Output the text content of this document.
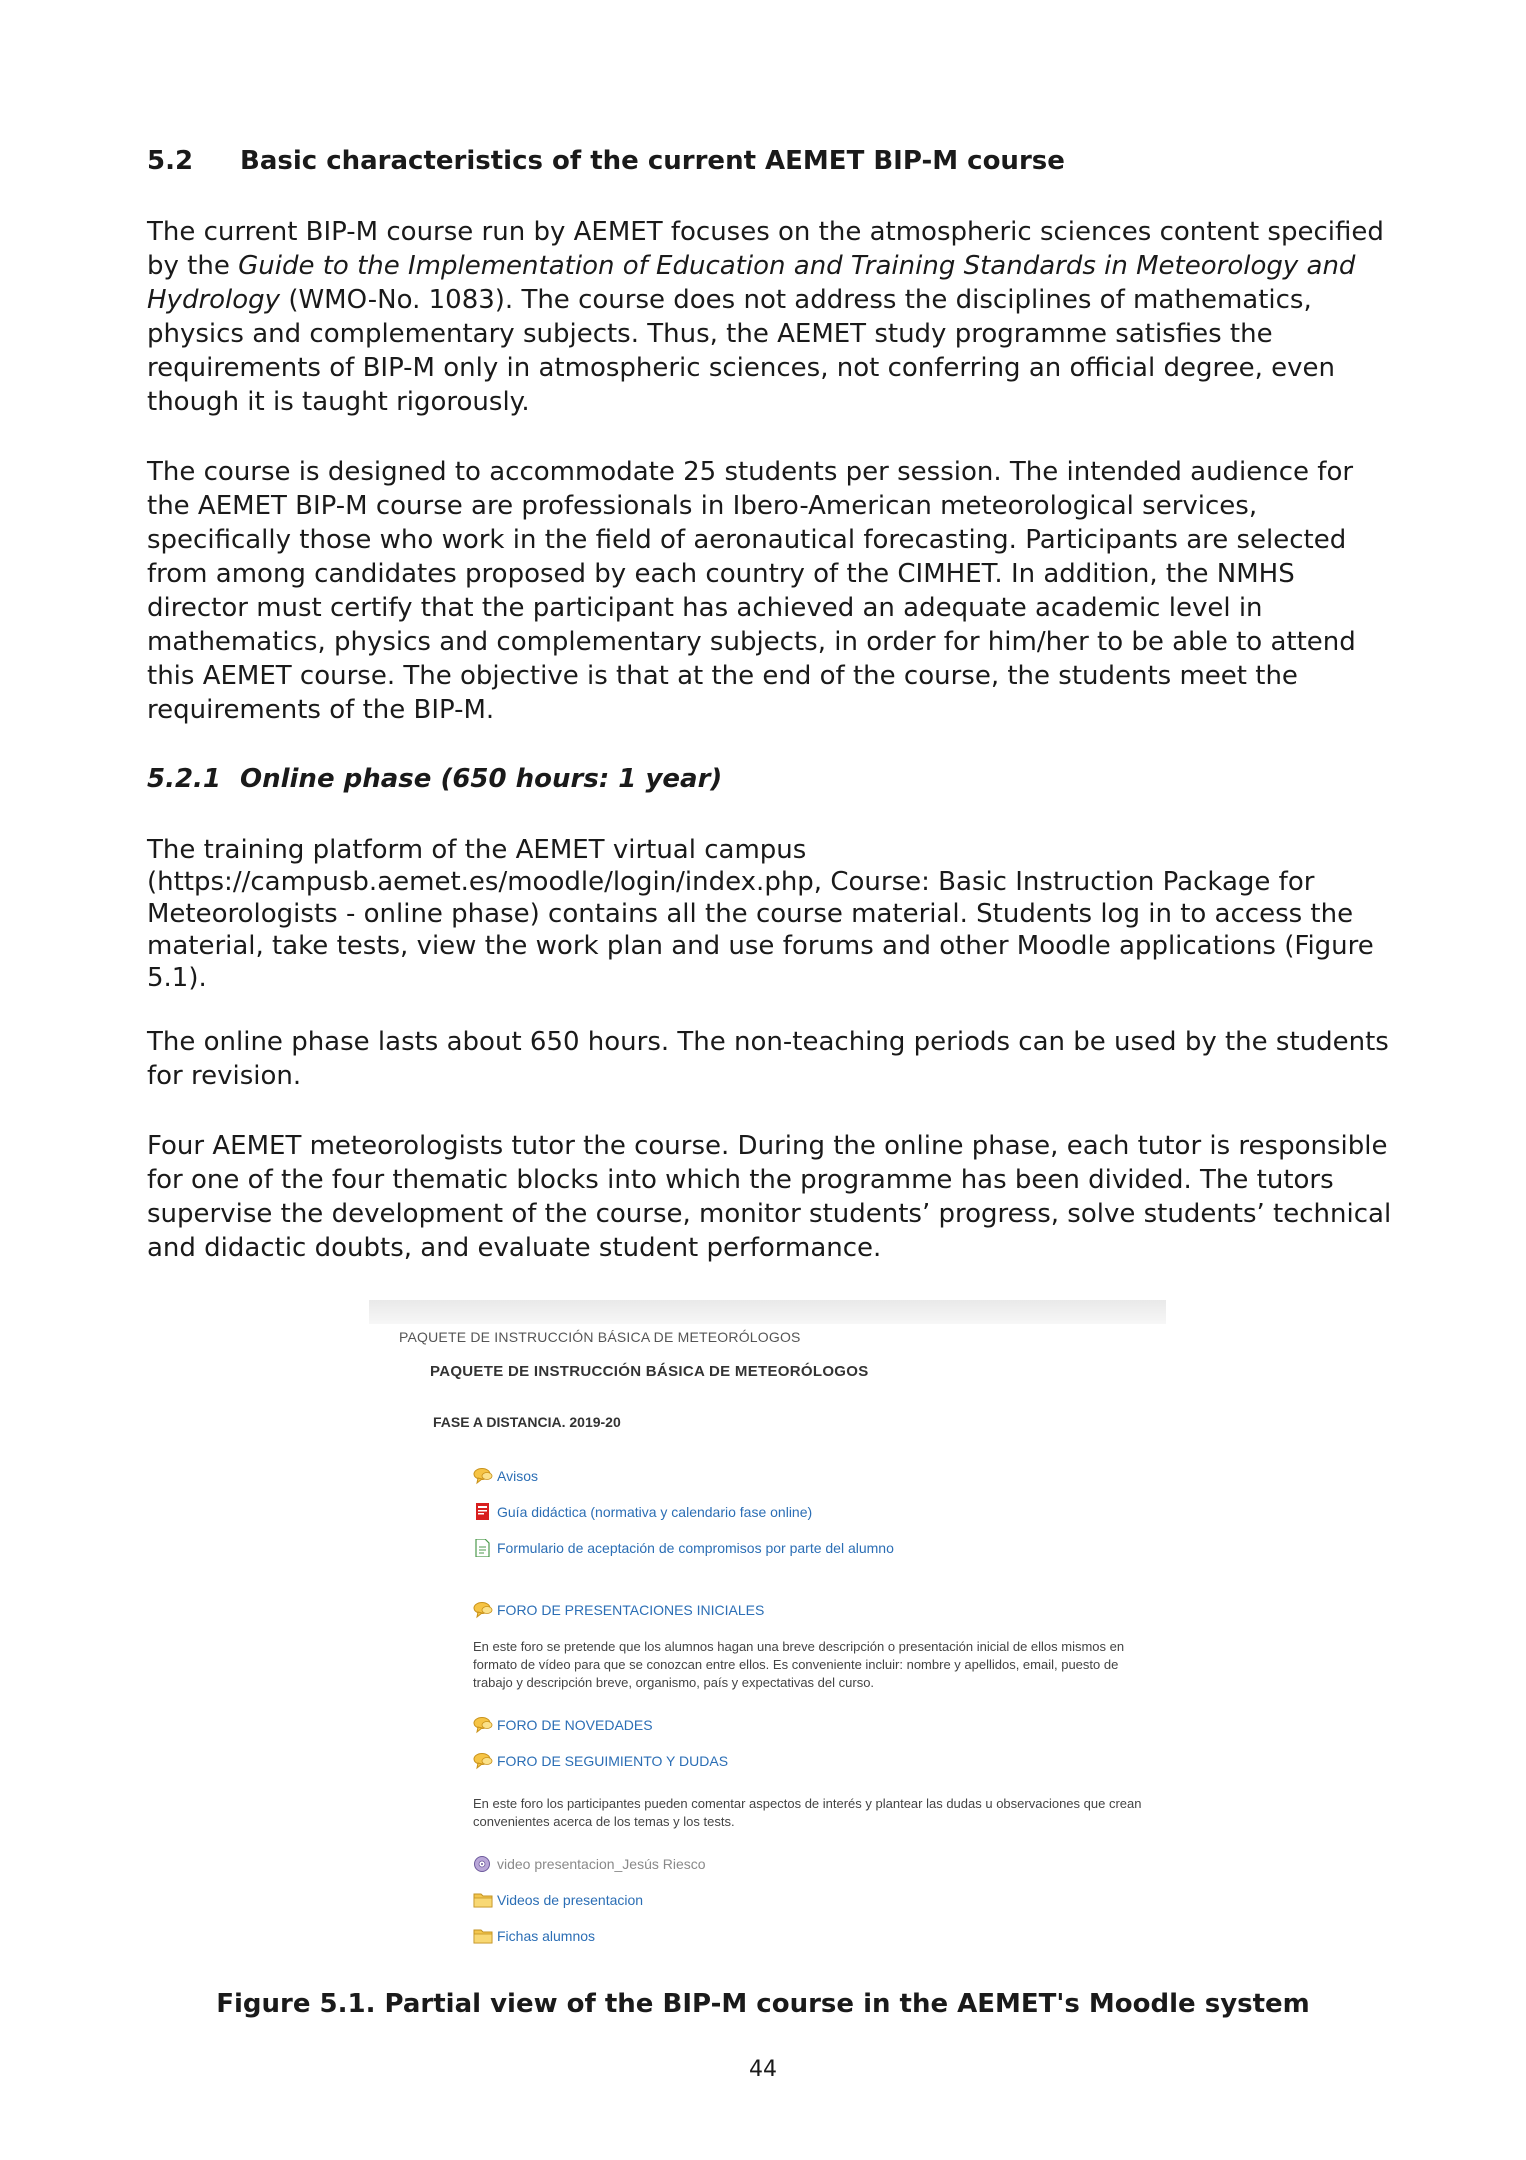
5.2 Basic characteristics of the current AEMET BIP-M course

The current BIP-M course run by AEMET focuses on the atmospheric sciences content specified by the Guide to the Implementation of Education and Training Standards in Meteorology and Hydrology (WMO-No. 1083). The course does not address the disciplines of mathematics, physics and complementary subjects. Thus, the AEMET study programme satisfies the requirements of BIP-M only in atmospheric sciences, not conferring an official degree, even though it is taught rigorously.

The course is designed to accommodate 25 students per session. The intended audience for the AEMET BIP-M course are professionals in Ibero-American meteorological services, specifically those who work in the field of aeronautical forecasting. Participants are selected from among candidates proposed by each country of the CIMHET. In addition, the NMHS director must certify that the participant has achieved an adequate academic level in mathematics, physics and complementary subjects, in order for him/her to be able to attend this AEMET course. The objective is that at the end of the course, the students meet the requirements of the BIP-M.

5.2.1 Online phase (650 hours: 1 year)

The training platform of the AEMET virtual campus (https://campusb.aemet.es/moodle/login/index.php, Course: Basic Instruction Package for Meteorologists - online phase) contains all the course material. Students log in to access the material, take tests, view the work plan and use forums and other Moodle applications (Figure 5.1).

The online phase lasts about 650 hours. The non-teaching periods can be used by the students for revision.

Four AEMET meteorologists tutor the course. During the online phase, each tutor is responsible for one of the four thematic blocks into which the programme has been divided. The tutors supervise the development of the course, monitor students’ progress, solve students’ technical and didactic doubts, and evaluate student performance.

PAQUETE DE INSTRUCCIÓN BÁSICA DE METEORÓLOGOS
PAQUETE DE INSTRUCCIÓN BÁSICA DE METEORÓLOGOS
FASE A DISTANCIA. 2019-20
Avisos
Guía didáctica (normativa y calendario fase online)
Formulario de aceptación de compromisos por parte del alumno
FORO DE PRESENTACIONES INICIALES

En este foro se pretende que los alumnos hagan una breve descripción o presentación inicial de ellos mismos en formato de vídeo para que se conozcan entre ellos. Es conveniente incluir: nombre y apellidos, email, puesto de trabajo y descripción breve, organismo, país y expectativas del curso.

FORO DE NOVEDADES
FORO DE SEGUIMIENTO Y DUDAS

En este foro los participantes pueden comentar aspectos de interés y plantear las dudas u observaciones que crean convenientes acerca de los temas y los tests.

video presentacion_Jesús Riesco
Videos de presentacion
Fichas alumnos
Figure 5.1. Partial view of the BIP-M course in the AEMET's Moodle system
44
